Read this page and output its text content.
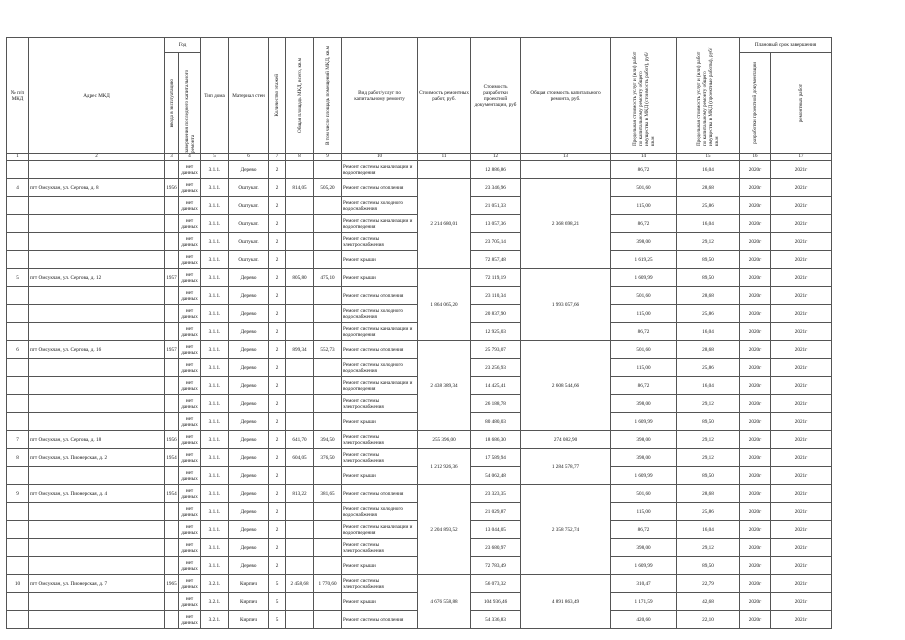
№ п/п МКД	Адрес МКД	Год		Тип дома	Материал стен	Количество этажей	Общая площадь МКД, всего, кв.м	В том числе площадь помещений МКД, кв.м	Вид работ/услуг по капитальному ремонту	Стоимость ремонтных работ, руб.	Стоимость разработки проектной документации, руб	Общая стоимость капитального ремонта, руб.	Предельная стоимость услуг и (или) работ по капитальному ремонту общего имущества в МКД (стоимость работ), руб/кв.м	Предельная стоимость услуг и (или) работ по капитальному ремонту общего имущества в МКД (проектные работы), руб/кв.м	Плановый срок завершения	

		ввода в эксплуатацию	завершения последнего капитального ремонта												разработки проектной документации	ремонтных работ

1	2	3	4	5	6	7	8	9	10	11	12	13	14	15	16	17
			нет данных	3.1.1.	Дерево	2			Ремонт системы канализации и водоотведения		12 886,86		86,72	16,04	2020г	2021г
4	пгт Омсукчан, ул. Сергова, д. 8	1956	нет данных	3.1.1.	Оштукат.	2	814,05	505,20	Ремонт системы отопления	2 214 680,01	23 346,96	2 368 698,21	501,60	28,68	2020г	2021г
			нет данных	3.1.1.	Оштукат.	2			Ремонт системы холодного водоснабжения		21 051,33		115,00	25,86	2020г	2021г
			нет данных	3.1.1.	Оштукат.	2			Ремонт системы канализации и водоотведения		13 057,36		86,72	16,04	2020г	2021г
			нет данных	3.1.1.	Оштукат.	2			Ремонт системы электроснабжения		23 705,14		398,00	29,12	2020г	2021г
			нет данных	3.1.1.	Оштукат.	2			Ремонт крыши		72 857,48		1 619,25	89,50	2020г	2021г
5	пгт Омсукчан, ул. Сергова, д. 12	1957	нет данных	3.1.1.	Дерево	2	805,80	475,10	Ремонт крыши	1 864 065,20	72 119,19	1 993 057,66	1 609,99	89,50	2020г	2021г
			нет данных	3.1.1.	Дерево	2			Ремонт системы отопления		23 110,34		501,60	28,68	2020г	2021г
			нет данных	3.1.1.	Дерево	2			Ремонт системы холодного водоснабжения		20 837,90		115,00	25,86	2020г	2021г
			нет данных	3.1.1.	Дерево	2			Ремонт системы канализации и водоотведения		12 925,03		86,72	16,04	2020г	2021г
6	пгт Омсукчан, ул. Сергова, д. 16	1957	нет данных	3.1.1.	Дерево	2	899,34	552,73	Ремонт системы отопления	2 438 389,34	25 793,07	2 608 544,66	501,60	28,68	2020г	2021г
			нет данных	3.1.1.	Дерево	2			Ремонт системы холодного водоснабжения		23 256,93		115,00	25,86	2020г	2021г
			нет данных	3.1.1.	Дерево	2			Ремонт системы канализации и водоотведения		14 425,41		86,72	16,04	2020г	2021г
			нет данных	3.1.1.	Дерево	2			Ремонт системы электроснабжения		26 188,78		398,00	29,12	2020г	2021г
			нет данных	3.1.1.	Дерево	2			Ремонт крыши		80 480,03		1 609,99	89,50	2020г	2021г
7	пгт Омсукчан, ул. Сергова, д. 18	1956	нет данных	3.1.1.	Дерево	2	641,70	394,50	Ремонт системы электроснабжения	255 396,00	18 686,30	274 082,90	398,00	29,12	2020г	2021г
8	пгт Омсукчан, ул. Пионерская, д. 2	1954	нет данных	3.1.1.	Дерево	2	604,05	376,50	Ремонт системы электроснабжения	1 212 926,36	17 589,94	1 284 578,77	398,00	29,12	2020г	2021г
			нет данных	3.1.1.	Дерево	2			Ремонт крыши		54 062,48		1 609,99	89,50	2020г	2021г
9	пгт Омсукчан, ул. Пионерская, д. 4	1954	нет данных	3.1.1.	Дерево	2	813,22	381,65	Ремонт системы отопления	2 204 893,52	23 323,35	2 358 752,74	501,60	28,68	2020г	2021г
			нет данных	3.1.1.	Дерево	2			Ремонт системы холодного водоснабжения		21 029,87		115,00	25,86	2020г	2021г
			нет данных	3.1.1.	Дерево	2			Ремонт системы канализации и водоотведения		13 044,05		86,72	16,04	2020г	2021г
			нет данных	3.1.1.	Дерево	2			Ремонт системы электроснабжения		23 680,97		398,00	29,12	2020г	2021г
			нет данных	3.1.1.	Дерево	2			Ремонт крыши		72 783,49		1 609,99	89,50	2020г	2021г
10	пгт Омсукчан, ул. Пионерская, д. 7	1965	нет данных	3.2.1.	Кирпич	5	2 458,68	1 770,60	Ремонт системы электроснабжения	4 676 558,88	56 073,32	4 891 863,49	310,47	22,79	2020г	2021г
			нет данных	3.2.1.	Кирпич	5			Ремонт крыши		104 936,46		1 171,59	42,68	2020г	2021г
			нет данных	3.2.1.	Кирпич	5			Ремонт системы отопления		54 336,83		420,60	22,10	2020г	2021г
